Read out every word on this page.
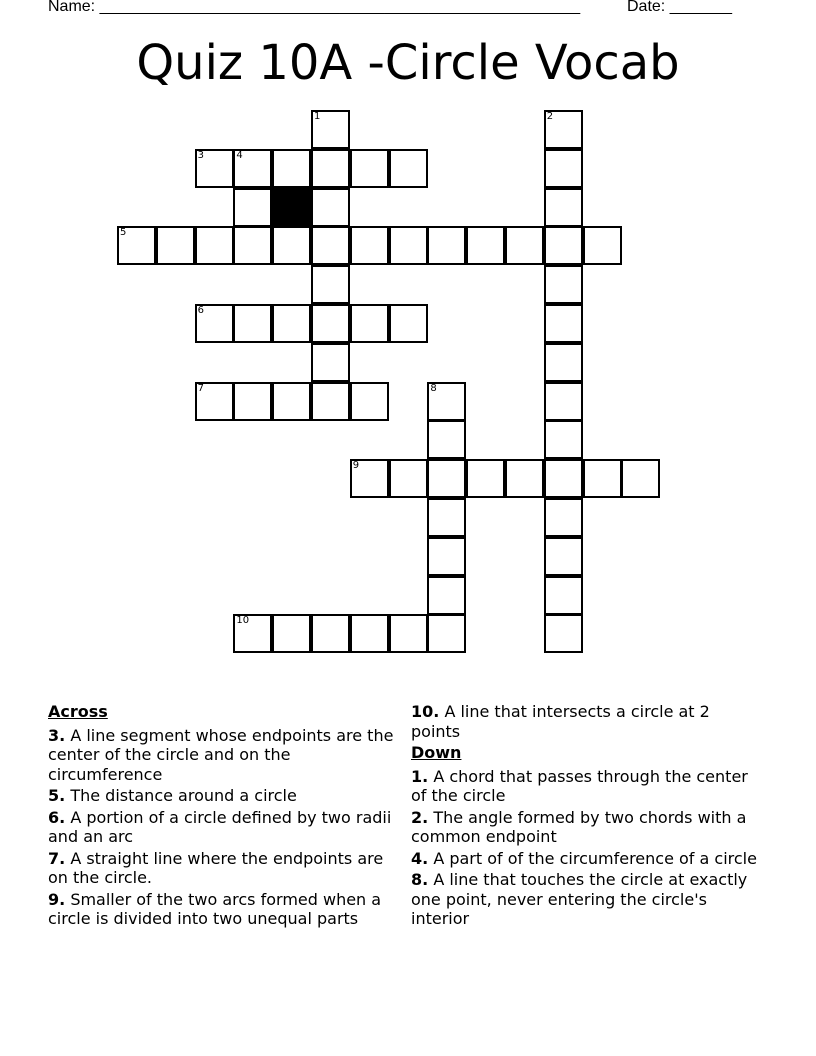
Name: ______________________________________________________	Date: _______
Quiz 10A -Circle Vocab
1	2
3	4
5
6
7	8
9
10
Across
3. A line segment whose endpoints are the center of the circle and on the circumference
5. The distance around a circle
6. A portion of a circle defined by two radii and an arc
7. A straight line where the endpoints are on the circle.
9. Smaller of the two arcs formed when a circle is divided into two unequal parts
10. A line that intersects a circle at 2 points
Down
1. A chord that passes through the center of the circle
2. The angle formed by two chords with a common endpoint
4. A part of of the circumference of a circle
8. A line that touches the circle at exactly one point, never entering the circle's interior
